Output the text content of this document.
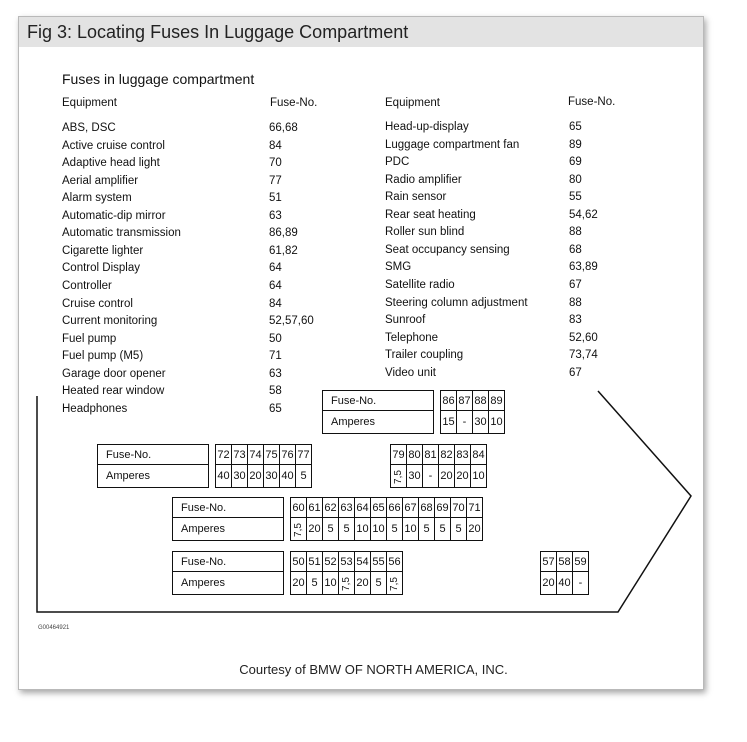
Fig 3: Locating Fuses In Luggage Compartment
Fuses in luggage compartment
Equipment	Fuse-No.	Equipment	Fuse-No.
ABS, DSC	66,68
Active cruise control	84
Adaptive head light	70
Aerial amplifier	77
Alarm system	51
Automatic-dip mirror	63
Automatic transmission	86,89
Cigarette lighter	61,82
Control Display	64
Controller	64
Cruise control	84
Current monitoring	52,57,60
Fuel pump	50
Fuel pump (M5)	71
Garage door opener	63
Heated rear window	58
Headphones	65
Head-up-display	65
Luggage compartment fan	89
PDC	69
Radio amplifier	80
Rain sensor	55
Rear seat heating	54,62
Roller sun blind	88
Seat occupancy sensing	68
SMG	63,89
Satellite radio	67
Steering column adjustment	88
Sunroof	83
Telephone	52,60
Trailer coupling	73,74
Video unit	67
Fuse-No.		86	87	88	89
Amperes		15	-	30	10
Fuse-No.		72	73	74	75	76	77
Amperes		40	30	20	30	40	5
79	80	81	82	83	84
7,5	30	-	20	20	10
Fuse-No.		60	61	62	63	64	65	66	67	68	69	70	71
Amperes		7,5	20	5	5	10	10	5	10	5	5	5	20
Fuse-No.		50	51	52	53	54	55	56
Amperes		20	5	10	7,5	20	5	7,5
57	58	59
20	40	-
G00464921
Courtesy of BMW OF NORTH AMERICA, INC.
